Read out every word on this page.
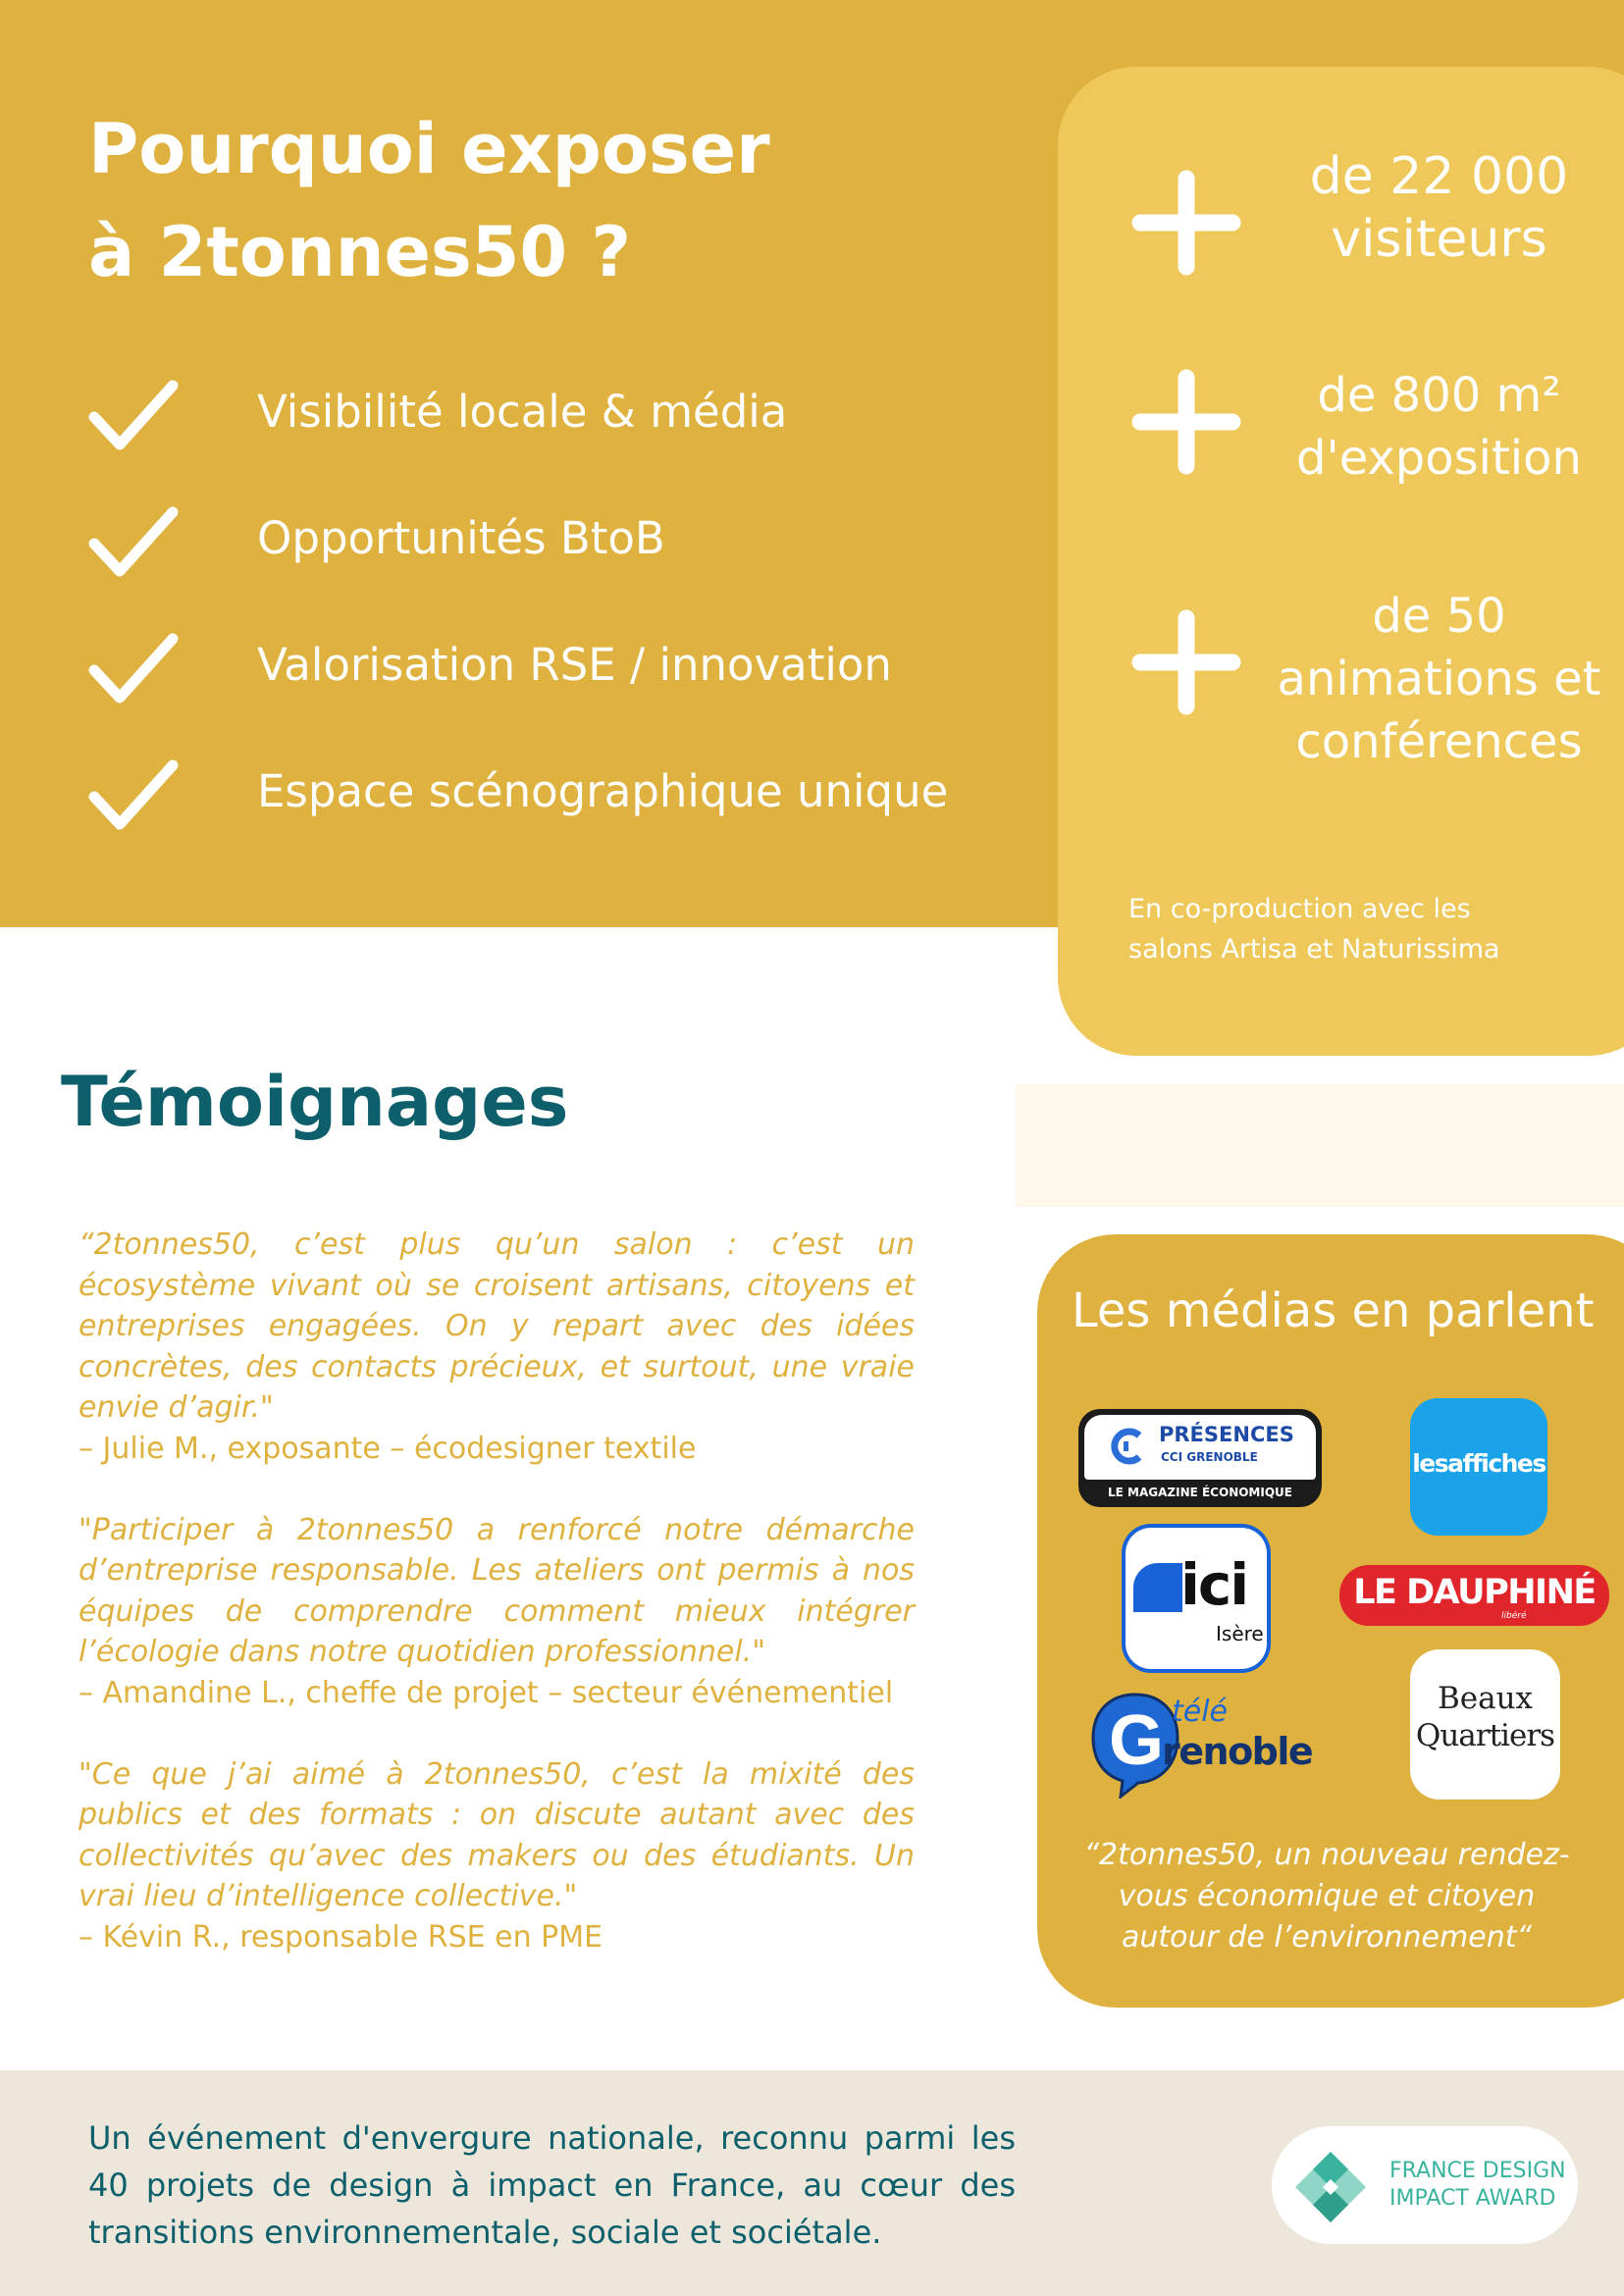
Pourquoi exposer
à 2tonnes50 ?
Visibilité locale & média
Opportunités BtoB
Valorisation RSE / innovation
Espace scénographique unique
de 22 000
visiteurs
de 800 m²
d'exposition
de 50
animations et
conférences
En co-production avec les
salons Artisa et Naturissima
Témoignages

“2tonnes50, c’est plus qu’un salon : c’est un écosystème vivant où se croisent artisans, citoyens et entreprises engagées. On y repart avec des idées concrètes, des contacts précieux, et surtout, une vraie envie d’agir."

– Julie M., exposante – écodesigner textile

"Participer à 2tonnes50 a renforcé notre démarche d’entreprise responsable. Les ateliers ont permis à nos équipes de comprendre comment mieux intégrer l’écologie dans notre quotidien professionnel."

– Amandine L., cheffe de projet – secteur événementiel

"Ce que j’ai aimé à 2tonnes50, c’est la mixité des publics et des formats : on discute autant avec des collectivités qu’avec des makers ou des étudiants. Un vrai lieu d’intelligence collective."

– Kévin R., responsable RSE en PME

Les médias en parlent
PRÉSENCES
CCI GRENOBLE
LE MAGAZINE ÉCONOMIQUE
lesaffiches
ici
Isère
LE DAUPHINÉ
libéré
G télé
renoble
Beaux
Quartiers
“2tonnes50, un nouveau rendez-vous économique et citoyen autour de l’environnement“

Un événement d'envergure nationale, reconnu parmi les 40 projets de design à impact en France, au cœur des transitions environnementale, sociale et sociétale.

FRANCE DESIGN
IMPACT AWARD
